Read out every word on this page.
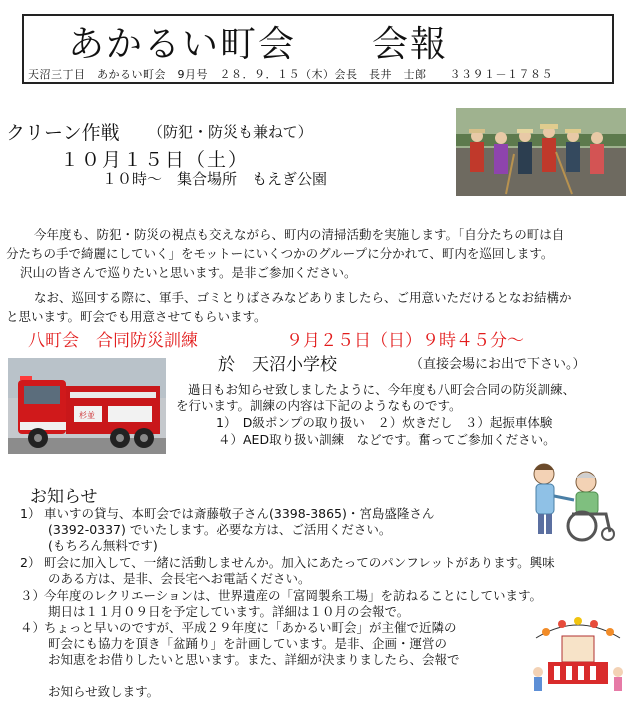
あかるい町会 会報
天沼三丁目　あかるい町会　9月号　２８．９．１５（木）会長　長井　士郎　　３３９１－１７８５
クリーン作戦 （防犯・防災も兼ねて）
１０月１５日（土）
１０時～　集合場所　もえぎ公園
今年度も、防犯・防災の視点も交えながら、町内の清掃活動を実施します。「自分たちの町は自
分たちの手で綺麗にしていく」をモットーにいくつかのグループに分かれて、町内を巡回します。
沢山の皆さんで巡りたいと思います。是非ご参加ください。
なお、巡回する際に、軍手、ゴミとりばさみなどありましたら、ご用意いただけるとなお結構か
と思います。町会でも用意させてもらいます。
八町会　合同防災訓練	９月２５日（日）９時４５分～
杉並
於　天沼小学校	（直接会場にお出で下さい。）
過日もお知らせ致しましたように、今年度も八町会合同の防災訓練、
を行います。訓練の内容は下記のようなものです。
1）　D級ポンプの取り扱い　２）炊きだし　３）起振車体験
４）AED取り扱い訓練　などです。奮ってご参加ください。
お知らせ
1） 車いすの貸与、本町会では斎藤敬子さん(3398-3865)・宮島盛隆さん
(3392-0337) でいたします。必要な方は、ご活用ください。
(もちろん無料です)
2） 町会に加入して、一緒に活動しませんか。加入にあたってのパンフレットがあります。興味
のある方は、是非、会長宅へお電話ください。
３）今年度のレクリエーションは、世界遺産の「富岡製糸工場」を訪ねることにしています。
期日は１１月０９日を予定しています。詳細は１０月の会報で。
４）ちょっと早いのですが、平成２９年度に「あかるい町会」が主催で近隣の
町会にも協力を頂き「盆踊り」を計画しています。是非、企画・運営の
お知恵をお借りしたいと思います。また、詳細が決まりましたら、会報で
お知らせ致します。
